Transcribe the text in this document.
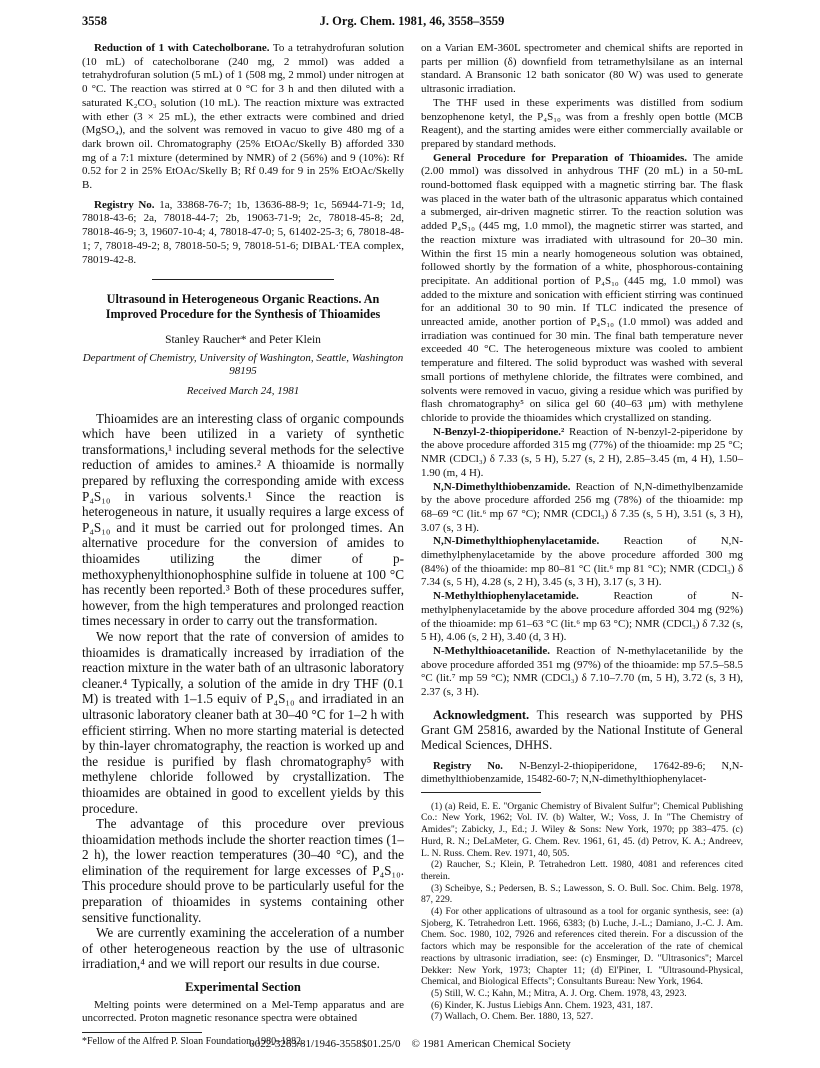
3558	J. Org. Chem. 1981, 46, 3558–3559

Reduction of 1 with Catecholborane. To a tetrahydrofuran solution (10 mL) of catecholborane (240 mg, 2 mmol) was added a tetrahydrofuran solution (5 mL) of 1 (508 mg, 2 mmol) under nitrogen at 0 °C. The reaction was stirred at 0 °C for 3 h and then diluted with a saturated K₂CO₃ solution (10 mL). The reaction mixture was extracted with ether (3 × 25 mL), the ether extracts were combined and dried (MgSO₄), and the solvent was removed in vacuo to give 480 mg of a dark brown oil. Chromatography (25% EtOAc/Skelly B) afforded 330 mg of a 7:1 mixture (determined by NMR) of 2 (56%) and 9 (10%): Rf 0.52 for 2 in 25% EtOAc/Skelly B; Rf 0.49 for 9 in 25% EtOAc/Skelly B.

Registry No. 1a, 33868-76-7; 1b, 13636-88-9; 1c, 56944-71-9; 1d, 78018-43-6; 2a, 78018-44-7; 2b, 19063-71-9; 2c, 78018-45-8; 2d, 78018-46-9; 3, 19607-10-4; 4, 78018-47-0; 5, 61402-25-3; 6, 78018-48-1; 7, 78018-49-2; 8, 78018-50-5; 9, 78018-51-6; DIBAL·TEA complex, 78019-42-8.

Ultrasound in Heterogeneous Organic Reactions. An Improved Procedure for the Synthesis of Thioamides
Stanley Raucher* and Peter Klein
Department of Chemistry, University of Washington, Seattle, Washington 98195
Received March 24, 1981

Thioamides are an interesting class of organic compounds which have been utilized in a variety of synthetic transformations,¹ including several methods for the selective reduction of amides to amines.² A thioamide is normally prepared by refluxing the corresponding amide with excess P₄S₁₀ in various solvents.¹ Since the reaction is heterogeneous in nature, it usually requires a large excess of P₄S₁₀ and it must be carried out for prolonged times. An alternative procedure for the conversion of amides to thioamides utilizing the dimer of p-methoxyphenylthionophosphine sulfide in toluene at 100 °C has recently been reported.³ Both of these procedures suffer, however, from the high temperatures and prolonged reaction times necessary in order to carry out the transformation.

We now report that the rate of conversion of amides to thioamides is dramatically increased by irradiation of the reaction mixture in the water bath of an ultrasonic laboratory cleaner.⁴ Typically, a solution of the amide in dry THF (0.1 M) is treated with 1–1.5 equiv of P₄S₁₀ and irradiated in an ultrasonic laboratory cleaner bath at 30–40 °C for 1–2 h with efficient stirring. When no more starting material is detected by thin-layer chromatography, the reaction is worked up and the residue is purified by flash chromatography⁵ with methylene chloride followed by crystallization. The thioamides are obtained in good to excellent yields by this procedure.

The advantage of this procedure over previous thioamidation methods include the shorter reaction times (1–2 h), the lower reaction temperatures (30–40 °C), and the elimination of the requirement for large excesses of P₄S₁₀. This procedure should prove to be particularly useful for the preparation of thioamides in systems containing other sensitive functionality.

We are currently examining the acceleration of a number of other heterogeneous reaction by the use of ultrasonic irradiation,⁴ and we will report our results in due course.

Experimental Section

Melting points were determined on a Mel-Temp apparatus and are uncorrected. Proton magnetic resonance spectra were obtained

*Fellow of the Alfred P. Sloan Foundation, 1980–1982.

on a Varian EM-360L spectrometer and chemical shifts are reported in parts per million (δ) downfield from tetramethylsilane as an internal standard. A Bransonic 12 bath sonicator (80 W) was used to generate ultrasonic irradiation.

The THF used in these experiments was distilled from sodium benzophenone ketyl, the P₄S₁₀ was from a freshly open bottle (MCB Reagent), and the starting amides were either commercially available or prepared by standard methods.

General Procedure for Preparation of Thioamides. The amide (2.00 mmol) was dissolved in anhydrous THF (20 mL) in a 50-mL round-bottomed flask equipped with a magnetic stirring bar. The flask was placed in the water bath of the ultrasonic apparatus which contained a submerged, air-driven magnetic stirrer. To the reaction solution was added P₄S₁₀ (445 mg, 1.0 mmol), the magnetic stirrer was started, and the reaction mixture was irradiated with ultrasound for 20–30 min. Within the first 15 min a nearly homogeneous solution was obtained, followed shortly by the formation of a white, phosphorous-containing precipitate. An additional portion of P₄S₁₀ (445 mg, 1.0 mmol) was added to the mixture and sonication with efficient stirring was continued for an additional 30 to 90 min. If TLC indicated the presence of unreacted amide, another portion of P₄S₁₀ (1.0 mmol) was added and irradiation was continued for 30 min. The final bath temperature never exceeded 40 °C. The heterogeneous mixture was cooled to ambient temperature and filtered. The solid byproduct was washed with several small portions of methylene chloride, the filtrates were combined, and solvents were removed in vacuo, giving a residue which was purified by flash chromatography⁵ on silica gel 60 (40–63 μm) with methylene chloride to provide the thioamides which crystallized on standing.

N-Benzyl-2-thiopiperidone.² Reaction of N-benzyl-2-piperidone by the above procedure afforded 315 mg (77%) of the thioamide: mp 25 °C; NMR (CDCl₃) δ 7.33 (s, 5 H), 5.27 (s, 2 H), 2.85–3.45 (m, 4 H), 1.50–1.90 (m, 4 H).

N,N-Dimethylthiobenzamide. Reaction of N,N-dimethylbenzamide by the above procedure afforded 256 mg (78%) of the thioamide: mp 68–69 °C (lit.⁶ mp 67 °C); NMR (CDCl₃) δ 7.35 (s, 5 H), 3.51 (s, 3 H), 3.07 (s, 3 H).

N,N-Dimethylthiophenylacetamide. Reaction of N,N-dimethylphenylacetamide by the above procedure afforded 300 mg (84%) of the thioamide: mp 80–81 °C (lit.⁶ mp 81 °C); NMR (CDCl₃) δ 7.34 (s, 5 H), 4.28 (s, 2 H), 3.45 (s, 3 H), 3.17 (s, 3 H).

N-Methylthiophenylacetamide.	Reaction of N-methylphenylacetamide by the above procedure afforded 304 mg (92%) of the thioamide: mp 61–63 °C (lit.⁶ mp 63 °C); NMR (CDCl₃) δ 7.32 (s, 5 H), 4.06 (s, 2 H), 3.40 (d, 3 H).

N-Methylthioacetanilide. Reaction of N-methylacetanilide by the above procedure afforded 351 mg (97%) of the thioamide: mp 57.5–58.5 °C (lit.⁷ mp 59 °C); NMR (CDCl₃) δ 7.10–7.70 (m, 5 H), 3.72 (s, 3 H), 2.37 (s, 3 H).

Acknowledgment. This research was supported by PHS Grant GM 25816, awarded by the National Institute of General Medical Sciences, DHHS.

Registry No. N-Benzyl-2-thiopiperidone, 17642-89-6; N,N-dimethylthiobenzamide, 15482-60-7; N,N-dimethylthiophenylacet-

(1) (a) Reid, E. E. "Organic Chemistry of Bivalent Sulfur"; Chemical Publishing Co.: New York, 1962; Vol. IV. (b) Walter, W.; Voss, J. In "The Chemistry of Amides"; Zabicky, J., Ed.; J. Wiley & Sons: New York, 1970; pp 383–475. (c) Hurd, R. N.; DeLaMeter, G. Chem. Rev. 1961, 61, 45. (d) Petrov, K. A.; Andreev, L. N. Russ. Chem. Rev. 1971, 40, 505.

(2) Raucher, S.; Klein, P. Tetrahedron Lett. 1980, 4081 and references cited therein.

(3) Scheibye, S.; Pedersen, B. S.; Lawesson, S. O. Bull. Soc. Chim. Belg. 1978, 87, 229.

(4) For other applications of ultrasound as a tool for organic synthesis, see: (a) Sjoberg, K. Tetrahedron Lett. 1966, 6383; (b) Luche, J.-L.; Damiano, J.-C. J. Am. Chem. Soc. 1980, 102, 7926 and references cited therein. For a discussion of the factors which may be responsible for the acceleration of the rate of chemical reactions by ultrasonic irradiation, see: (c) Ensminger, D. "Ultrasonics"; Marcel Dekker: New York, 1973; Chapter 11; (d) El'Piner, I. "Ultrasound-Physical, Chemical, and Biological Effects"; Consultants Bureau: New York, 1964.

(5) Still, W. C.; Kahn, M.; Mitra, A. J. Org. Chem. 1978, 43, 2923.

(6) Kinder, K. Justus Liebigs Ann. Chem. 1923, 431, 187.

(7) Wallach, O. Chem. Ber. 1880, 13, 527.

0022-3263/81/1946-3558$01.25/0 © 1981 American Chemical Society
